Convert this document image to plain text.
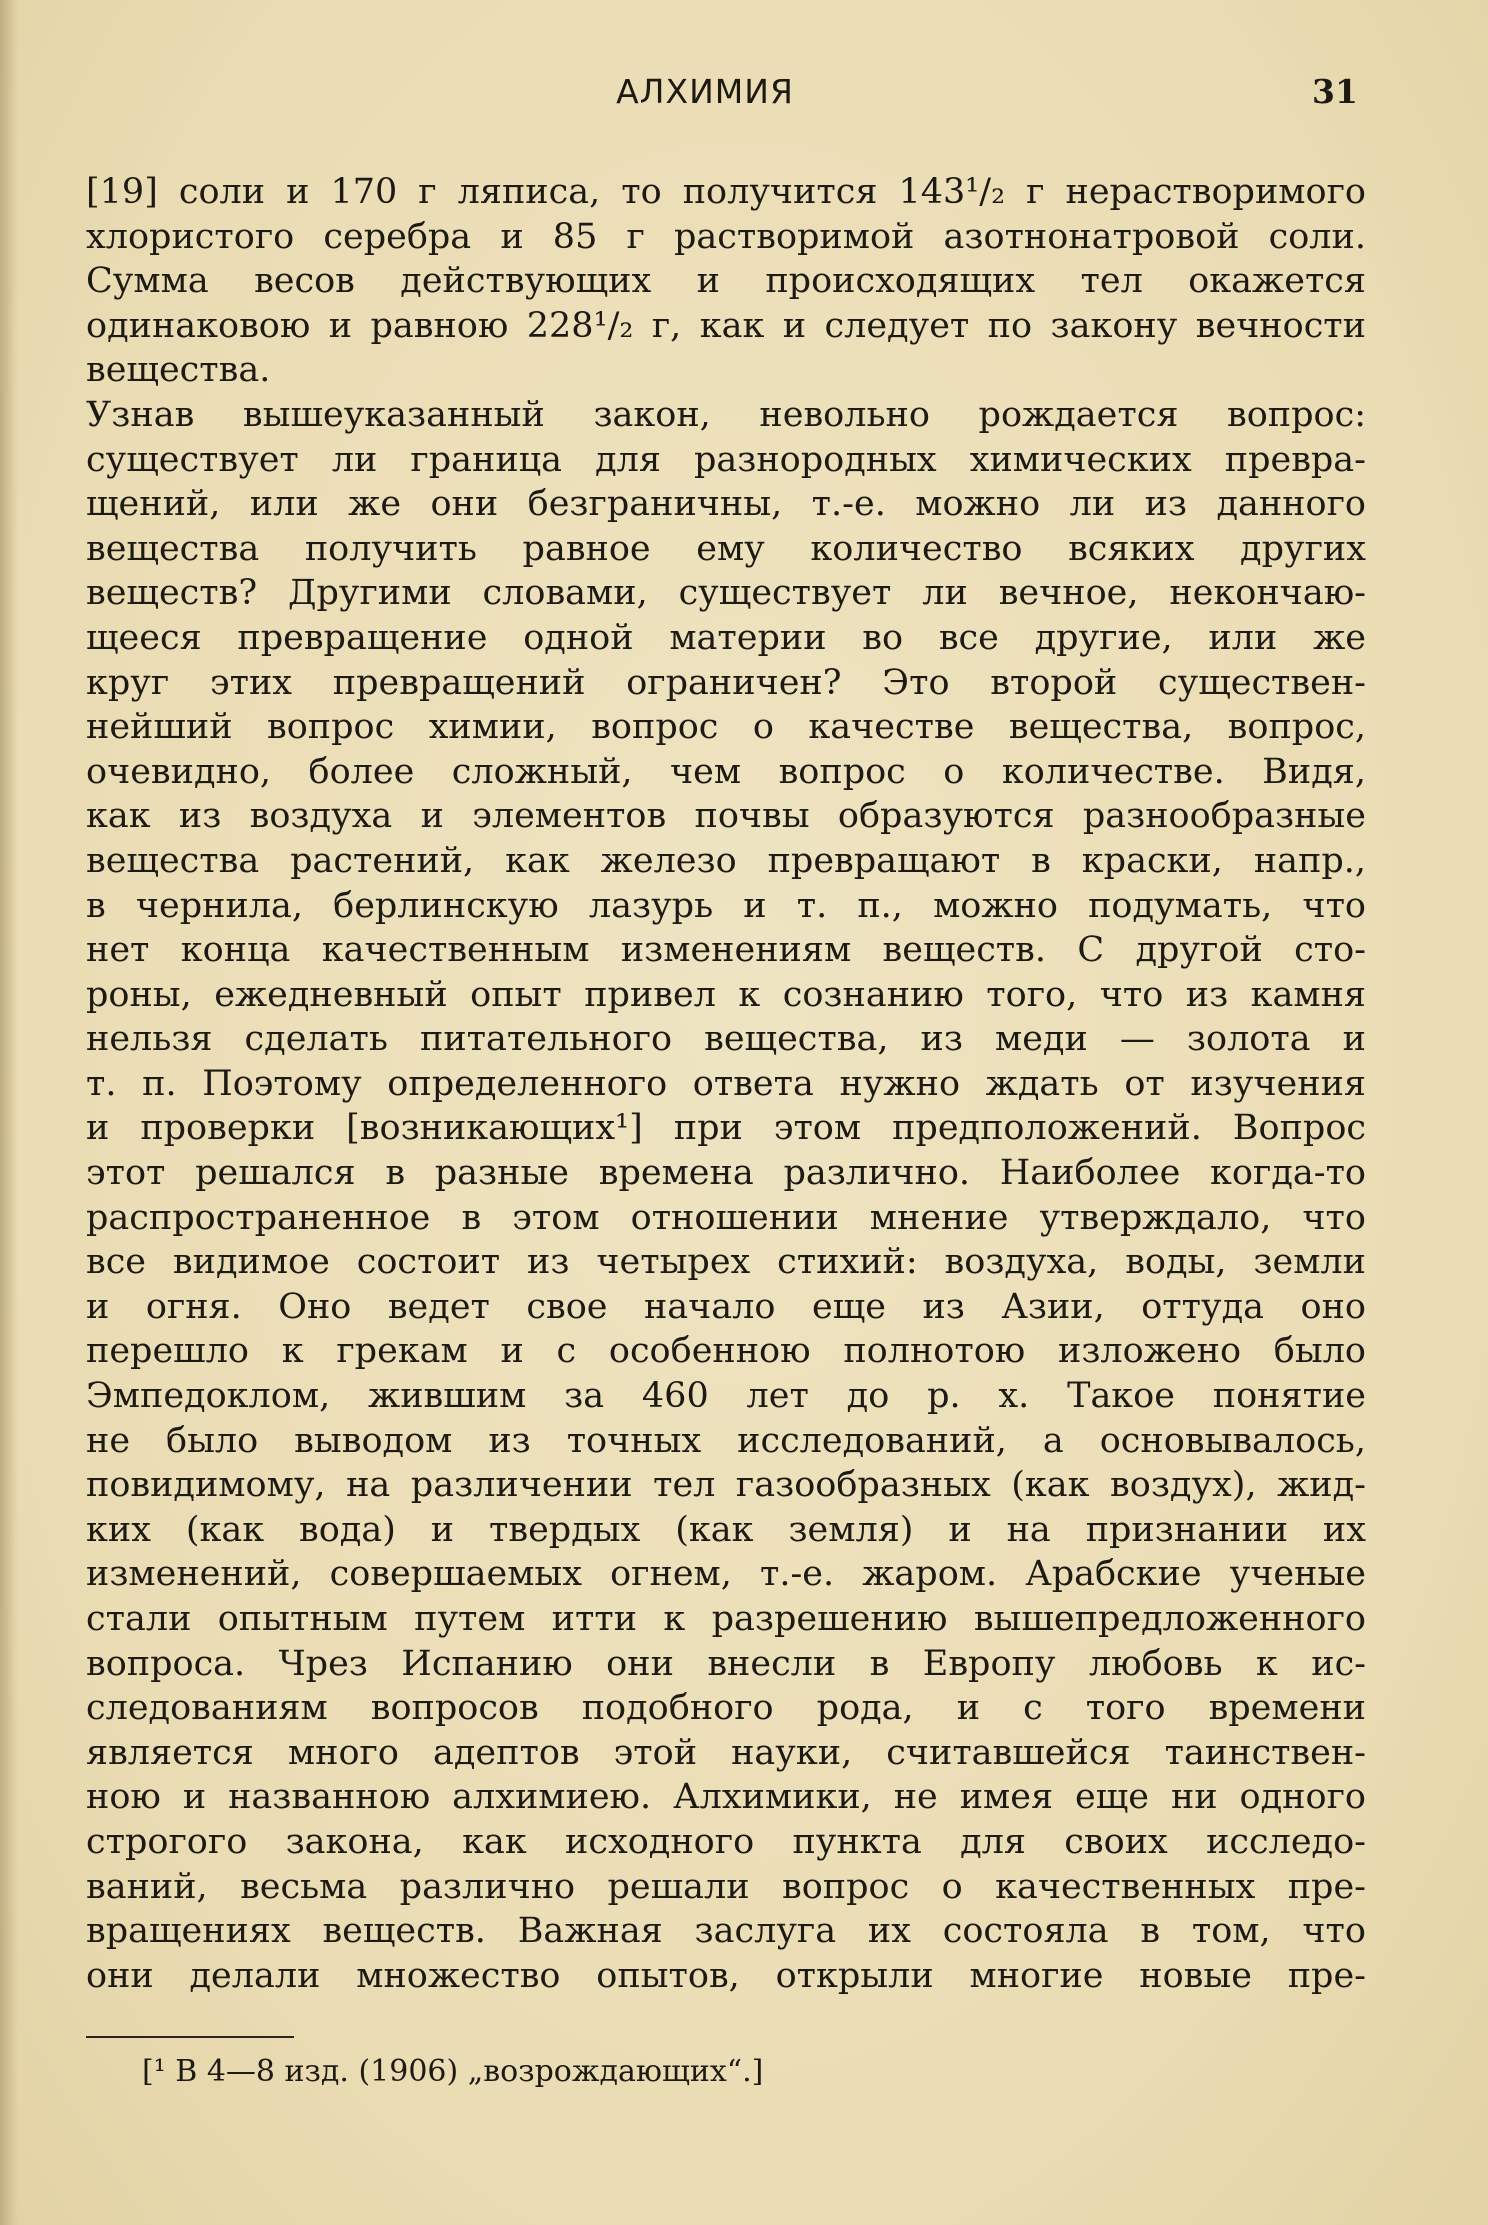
АЛХИМИЯ	31
[19] соли и 170 г ляписа, то получится 143¹/₂ г нерастворимого
хлористого серебра и 85 г растворимой азотнонатровой соли.
Сумма весов действующих и происходящих тел окажется
одинаковою и равною 228¹/₂ г, как и следует по закону вечности
вещества.
Узнав вышеуказанный закон, невольно рождается вопрос:
существует ли граница для разнородных химических превра-
щений, или же они безграничны, т.-е. можно ли из данного
вещества получить равное ему количество всяких других
веществ? Другими словами, существует ли вечное, некончаю-
щееся превращение одной материи во все другие, или же
круг этих превращений ограничен? Это второй существен-
нейший вопрос химии, вопрос о качестве вещества, вопрос,
очевидно, более сложный, чем вопрос о количестве. Видя,
как из воздуха и элементов почвы образуются разнообразные
вещества растений, как железо превращают в краски, напр.,
в чернила, берлинскую лазурь и т. п., можно подумать, что
нет конца качественным изменениям веществ. С другой сто-
роны, ежедневный опыт привел к сознанию того, что из камня
нельзя сделать питательного вещества, из меди — золота и
т. п. Поэтому определенного ответа нужно ждать от изучения
и проверки [возникающих¹] при этом предположений. Вопрос
этот решался в разные времена различно. Наиболее когда-то
распространенное в этом отношении мнение утверждало, что
все видимое состоит из четырех стихий: воздуха, воды, земли
и огня. Оно ведет свое начало еще из Азии, оттуда оно
перешло к грекам и с особенною полнотою изложено было
Эмпедоклом, жившим за 460 лет до р. х. Такое понятие
не было выводом из точных исследований, а основывалось,
повидимому, на различении тел газообразных (как воздух), жид-
ких (как вода) и твердых (как земля) и на признании их
изменений, совершаемых огнем, т.-е. жаром. Арабские ученые
стали опытным путем итти к разрешению вышепредложенного
вопроса. Чрез Испанию они внесли в Европу любовь к ис-
следованиям вопросов подобного рода, и с того времени
является много адептов этой науки, считавшейся таинствен-
ною и названною алхимиею. Алхимики, не имея еще ни одного
строгого закона, как исходного пункта для своих исследо-
ваний, весьма различно решали вопрос о качественных пре-
вращениях веществ. Важная заслуга их состояла в том, что
они делали множество опытов, открыли многие новые пре-
[¹ В 4—8 изд. (1906) „возрождающих“.]
